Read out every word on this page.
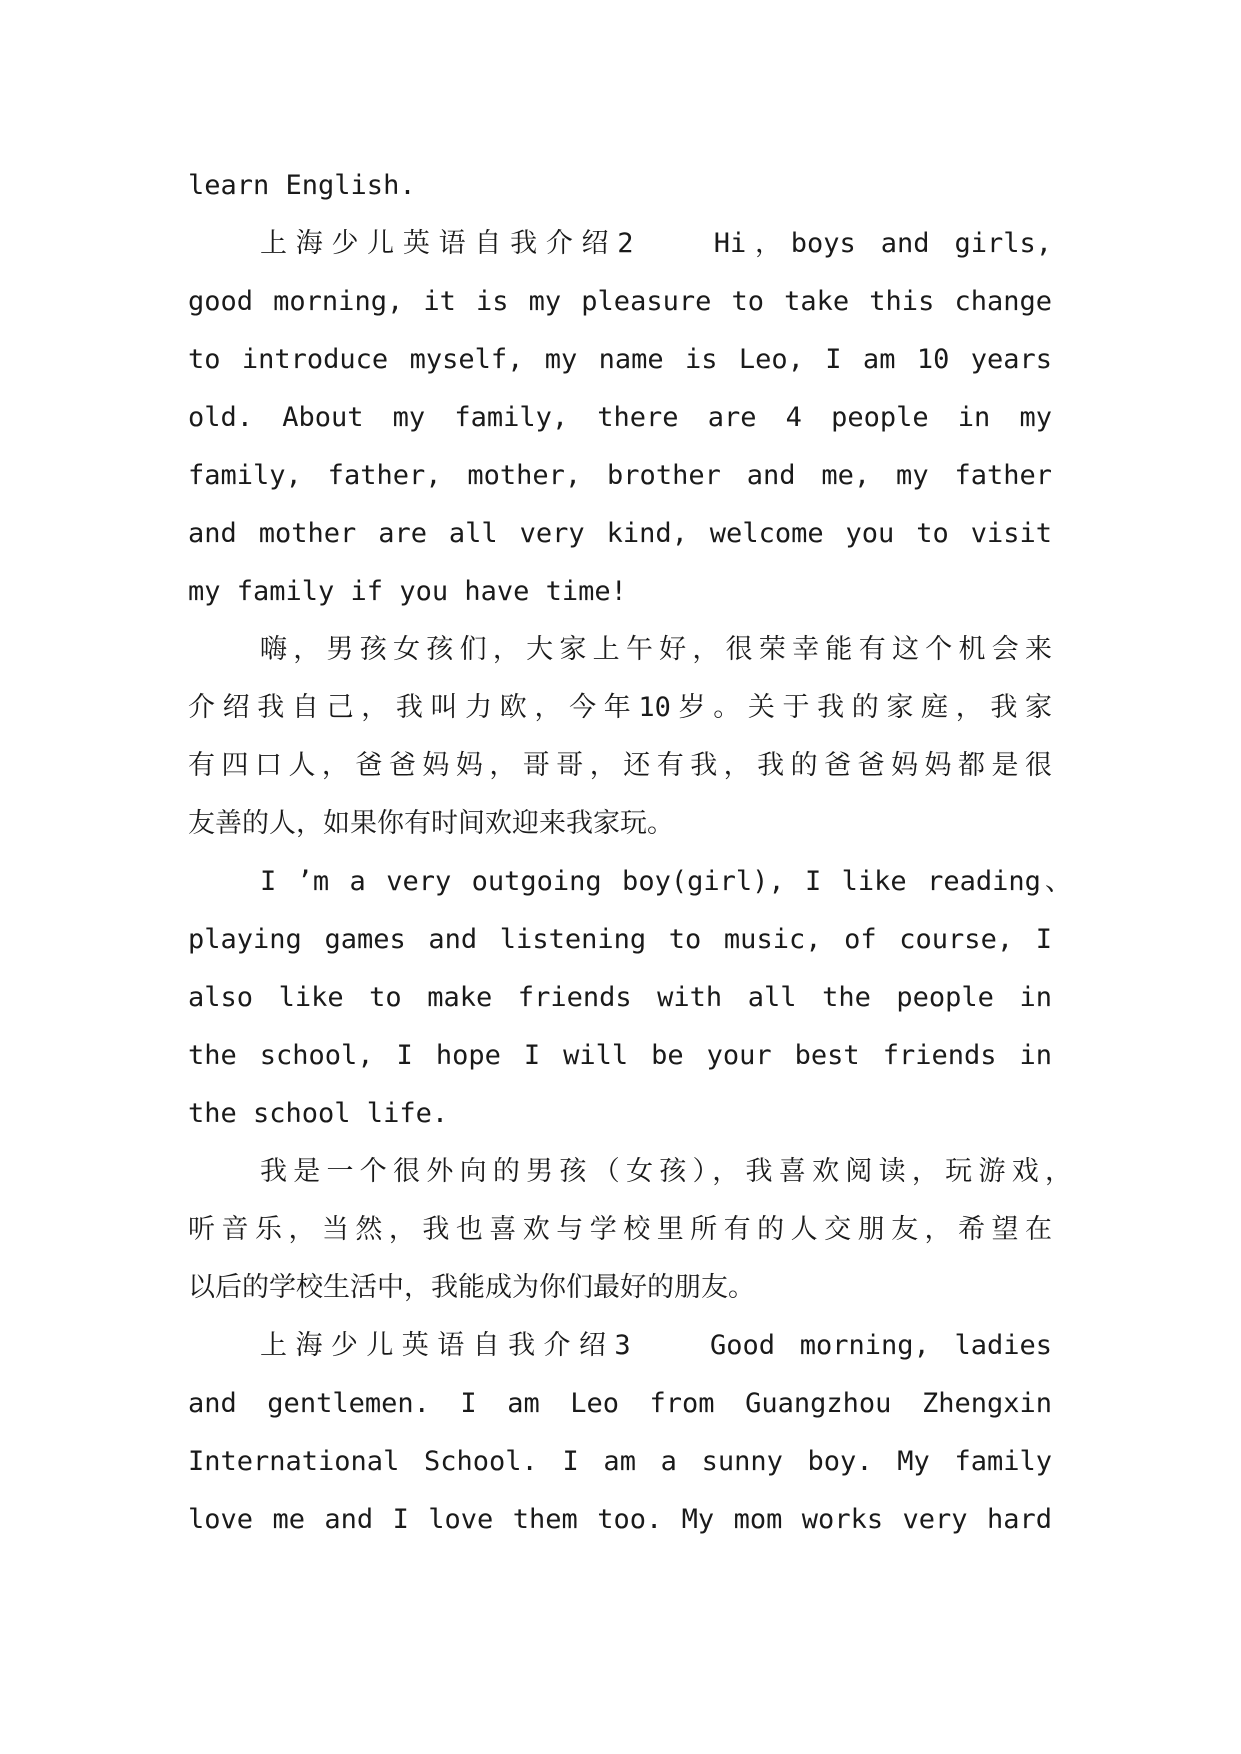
learn English.
上海少儿英语自我介绍2　　Hi，boys and girls,
good morning, it is my pleasure to take this change
to introduce myself, my name is Leo, I am 10 years
old. About my family, there are 4 people in my
family, father, mother, brother and me, my father
and mother are all very kind, welcome you to visit
my family if you have time!
嗨，男孩女孩们，大家上午好，很荣幸能有这个机会来
介绍我自己，我叫力欧，今年10岁。关于我的家庭，我家
有四口人，爸爸妈妈，哥哥，还有我，我的爸爸妈妈都是很
友善的人，如果你有时间欢迎来我家玩。
I ’m a very outgoing boy(girl), I like reading、
playing games and listening to music, of course, I
also like to make friends with all the people in
the school, I hope I will be your best friends in
the school life.
我是一个很外向的男孩（女孩），我喜欢阅读，玩游戏，
听音乐，当然，我也喜欢与学校里所有的人交朋友，希望在
以后的学校生活中，我能成为你们最好的朋友。
上海少儿英语自我介绍3　　Good morning, ladies
and gentlemen. I am Leo from Guangzhou Zhengxin
International School. I am a sunny boy. My family
love me and I love them too. My mom works very hard
